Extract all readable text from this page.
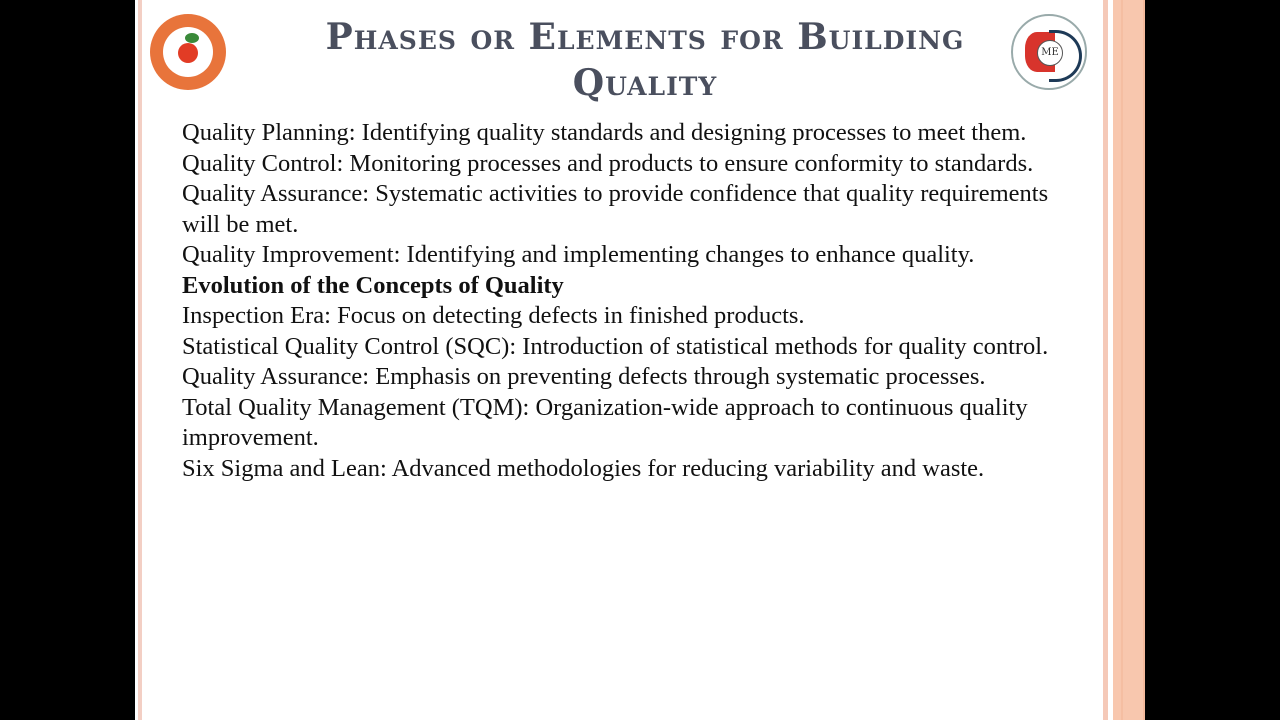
ME
Phases or Elements for Building Quality

Quality Planning: Identifying quality standards and designing processes to meet them.

Quality Control: Monitoring processes and products to ensure conformity to standards.

Quality Assurance: Systematic activities to provide confidence that quality requirements will be met.

Quality Improvement: Identifying and implementing changes to enhance quality.

Evolution of the Concepts of Quality

Inspection Era: Focus on detecting defects in finished products.

Statistical Quality Control (SQC): Introduction of statistical methods for quality control.

Quality Assurance: Emphasis on preventing defects through systematic processes.

Total Quality Management (TQM): Organization-wide approach to continuous quality improvement.

Six Sigma and Lean: Advanced methodologies for reducing variability and waste.
